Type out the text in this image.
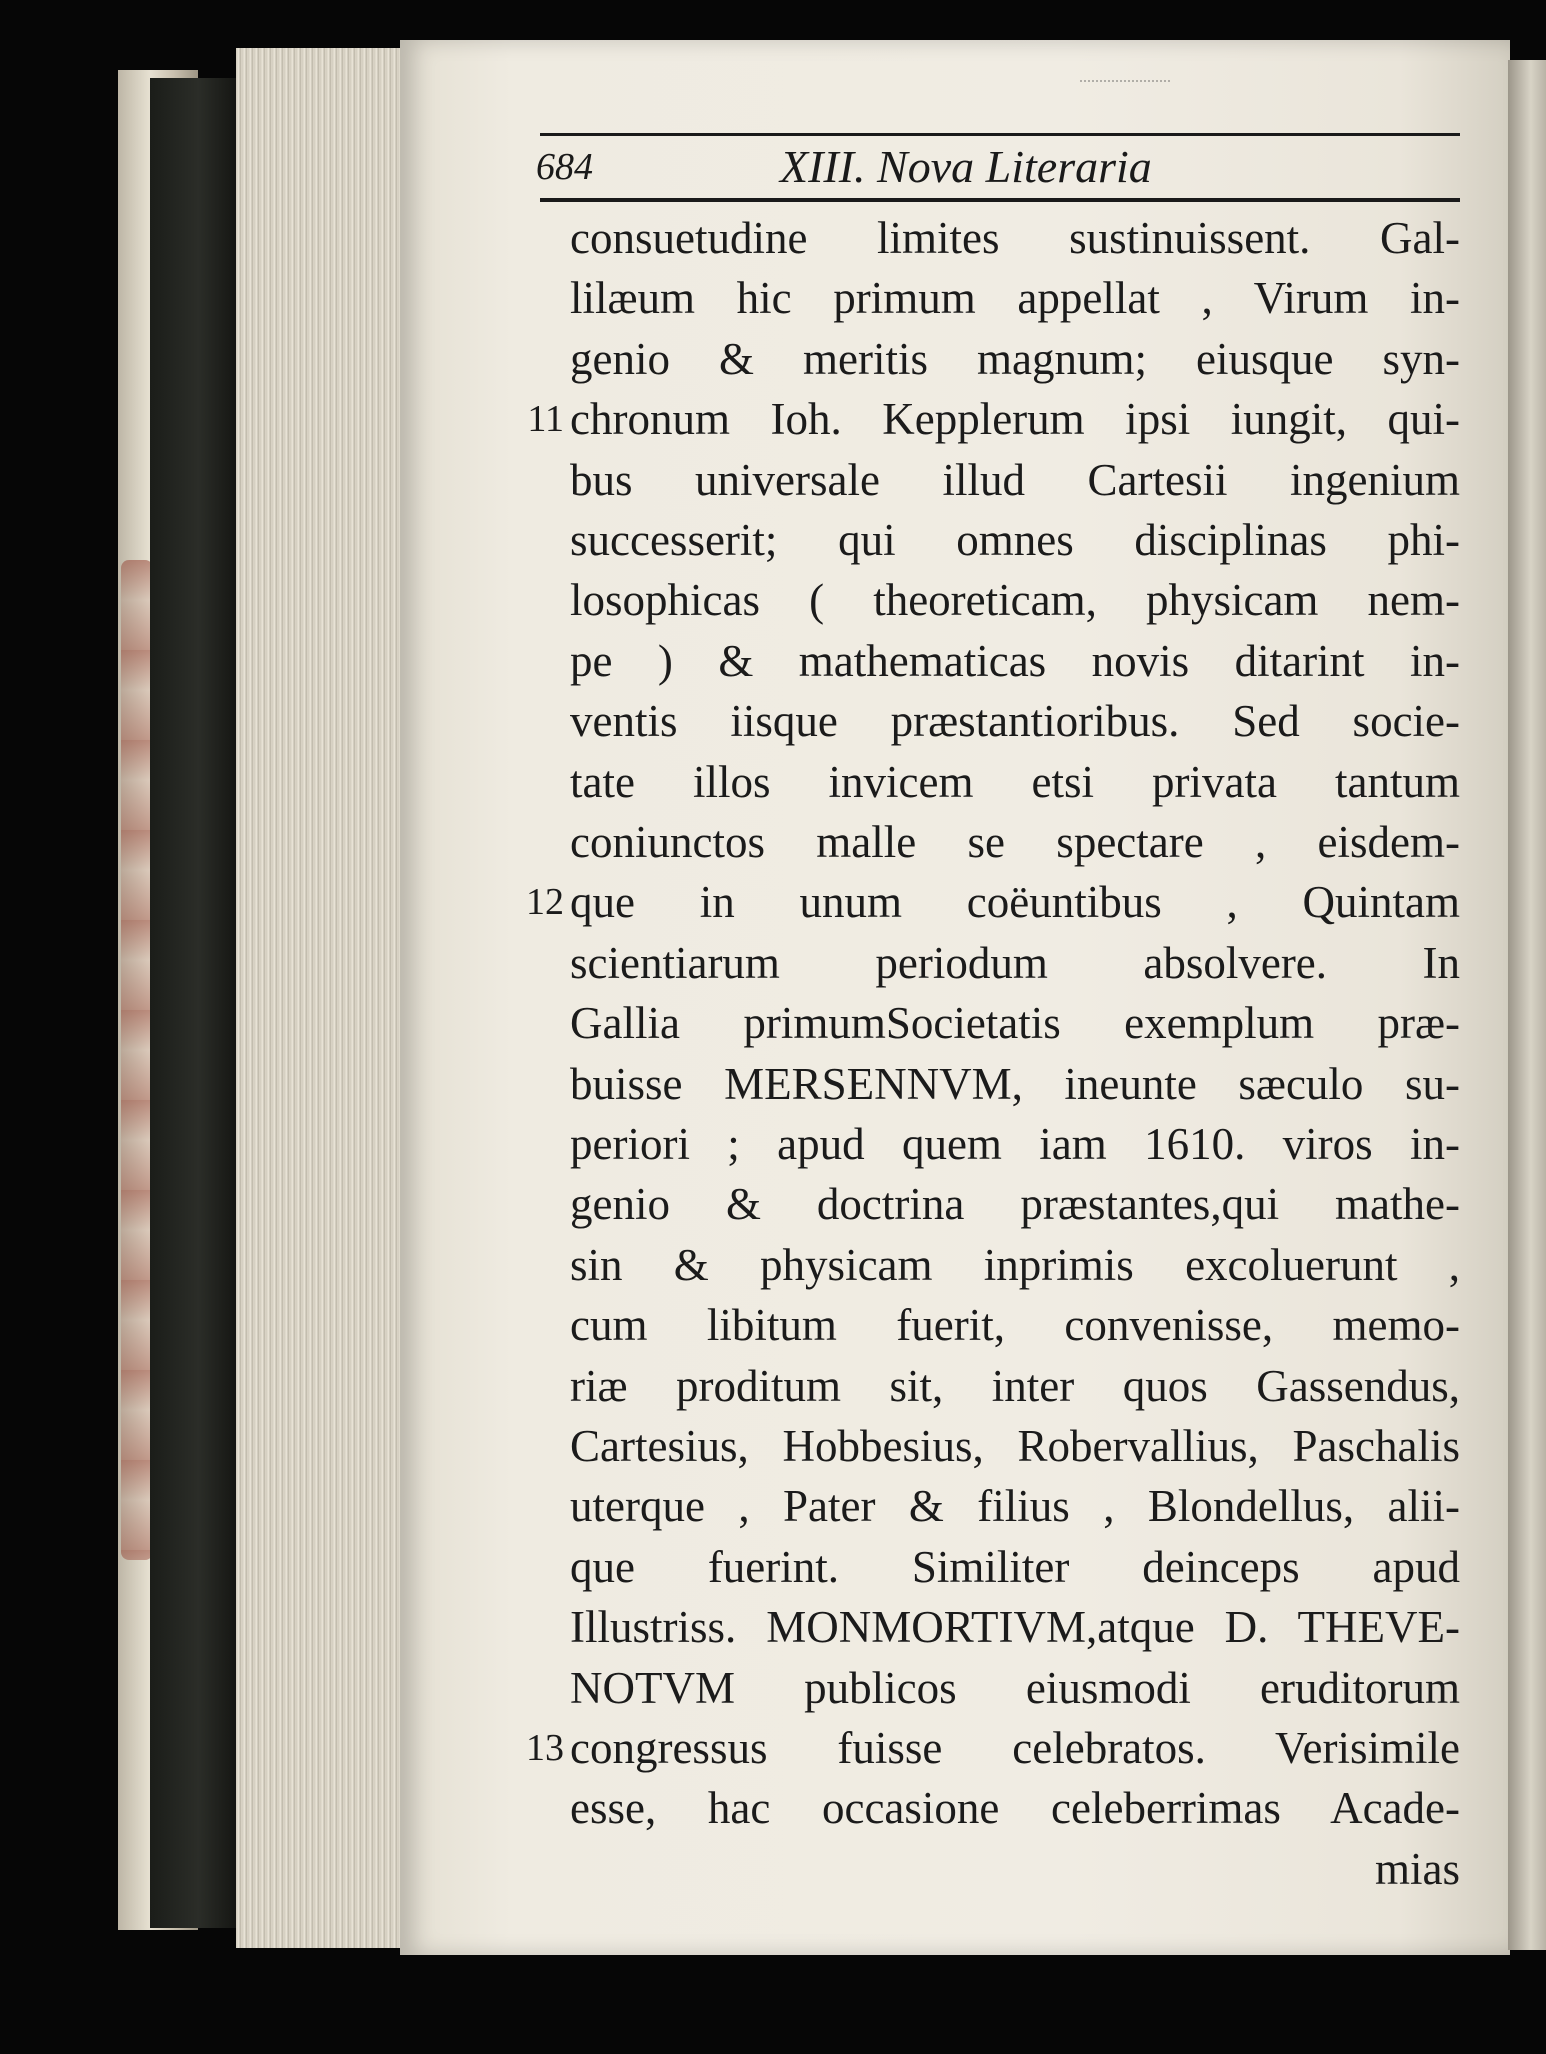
684	XIII. Nova Literaria
11
12
13
consuetudine limites sustinuissent. Gal-
lilæum hic primum appellat , Virum in-
genio & meritis magnum; eiusque syn-
chronum Ioh. Kepplerum ipsi iungit, qui-
bus universale illud Cartesii ingenium
successerit; qui omnes disciplinas phi-
losophicas ( theoreticam, physicam nem-
pe ) & mathematicas novis ditarint in-
ventis iisque præstantioribus. Sed socie-
tate illos invicem etsi privata tantum
coniunctos malle se spectare , eisdem-
que in unum coëuntibus , Quintam
scientiarum periodum absolvere. In
Gallia primumSocietatis exemplum præ-
buisse MERSENNVM, ineunte sæculo su-
periori ; apud quem iam 1610. viros in-
genio & doctrina præstantes,qui mathe-
sin & physicam inprimis excoluerunt ,
cum libitum fuerit, convenisse, memo-
riæ proditum sit, inter quos Gassendus,
Cartesius, Hobbesius, Robervallius, Paschalis
uterque , Pater & filius , Blondellus, alii-
que fuerint. Similiter deinceps apud
Illustriss. MONMORTIVM,atque D. THEVE-
NOTVM publicos eiusmodi eruditorum
congressus fuisse celebratos. Verisimile
esse, hac occasione celeberrimas Acade-
mias
